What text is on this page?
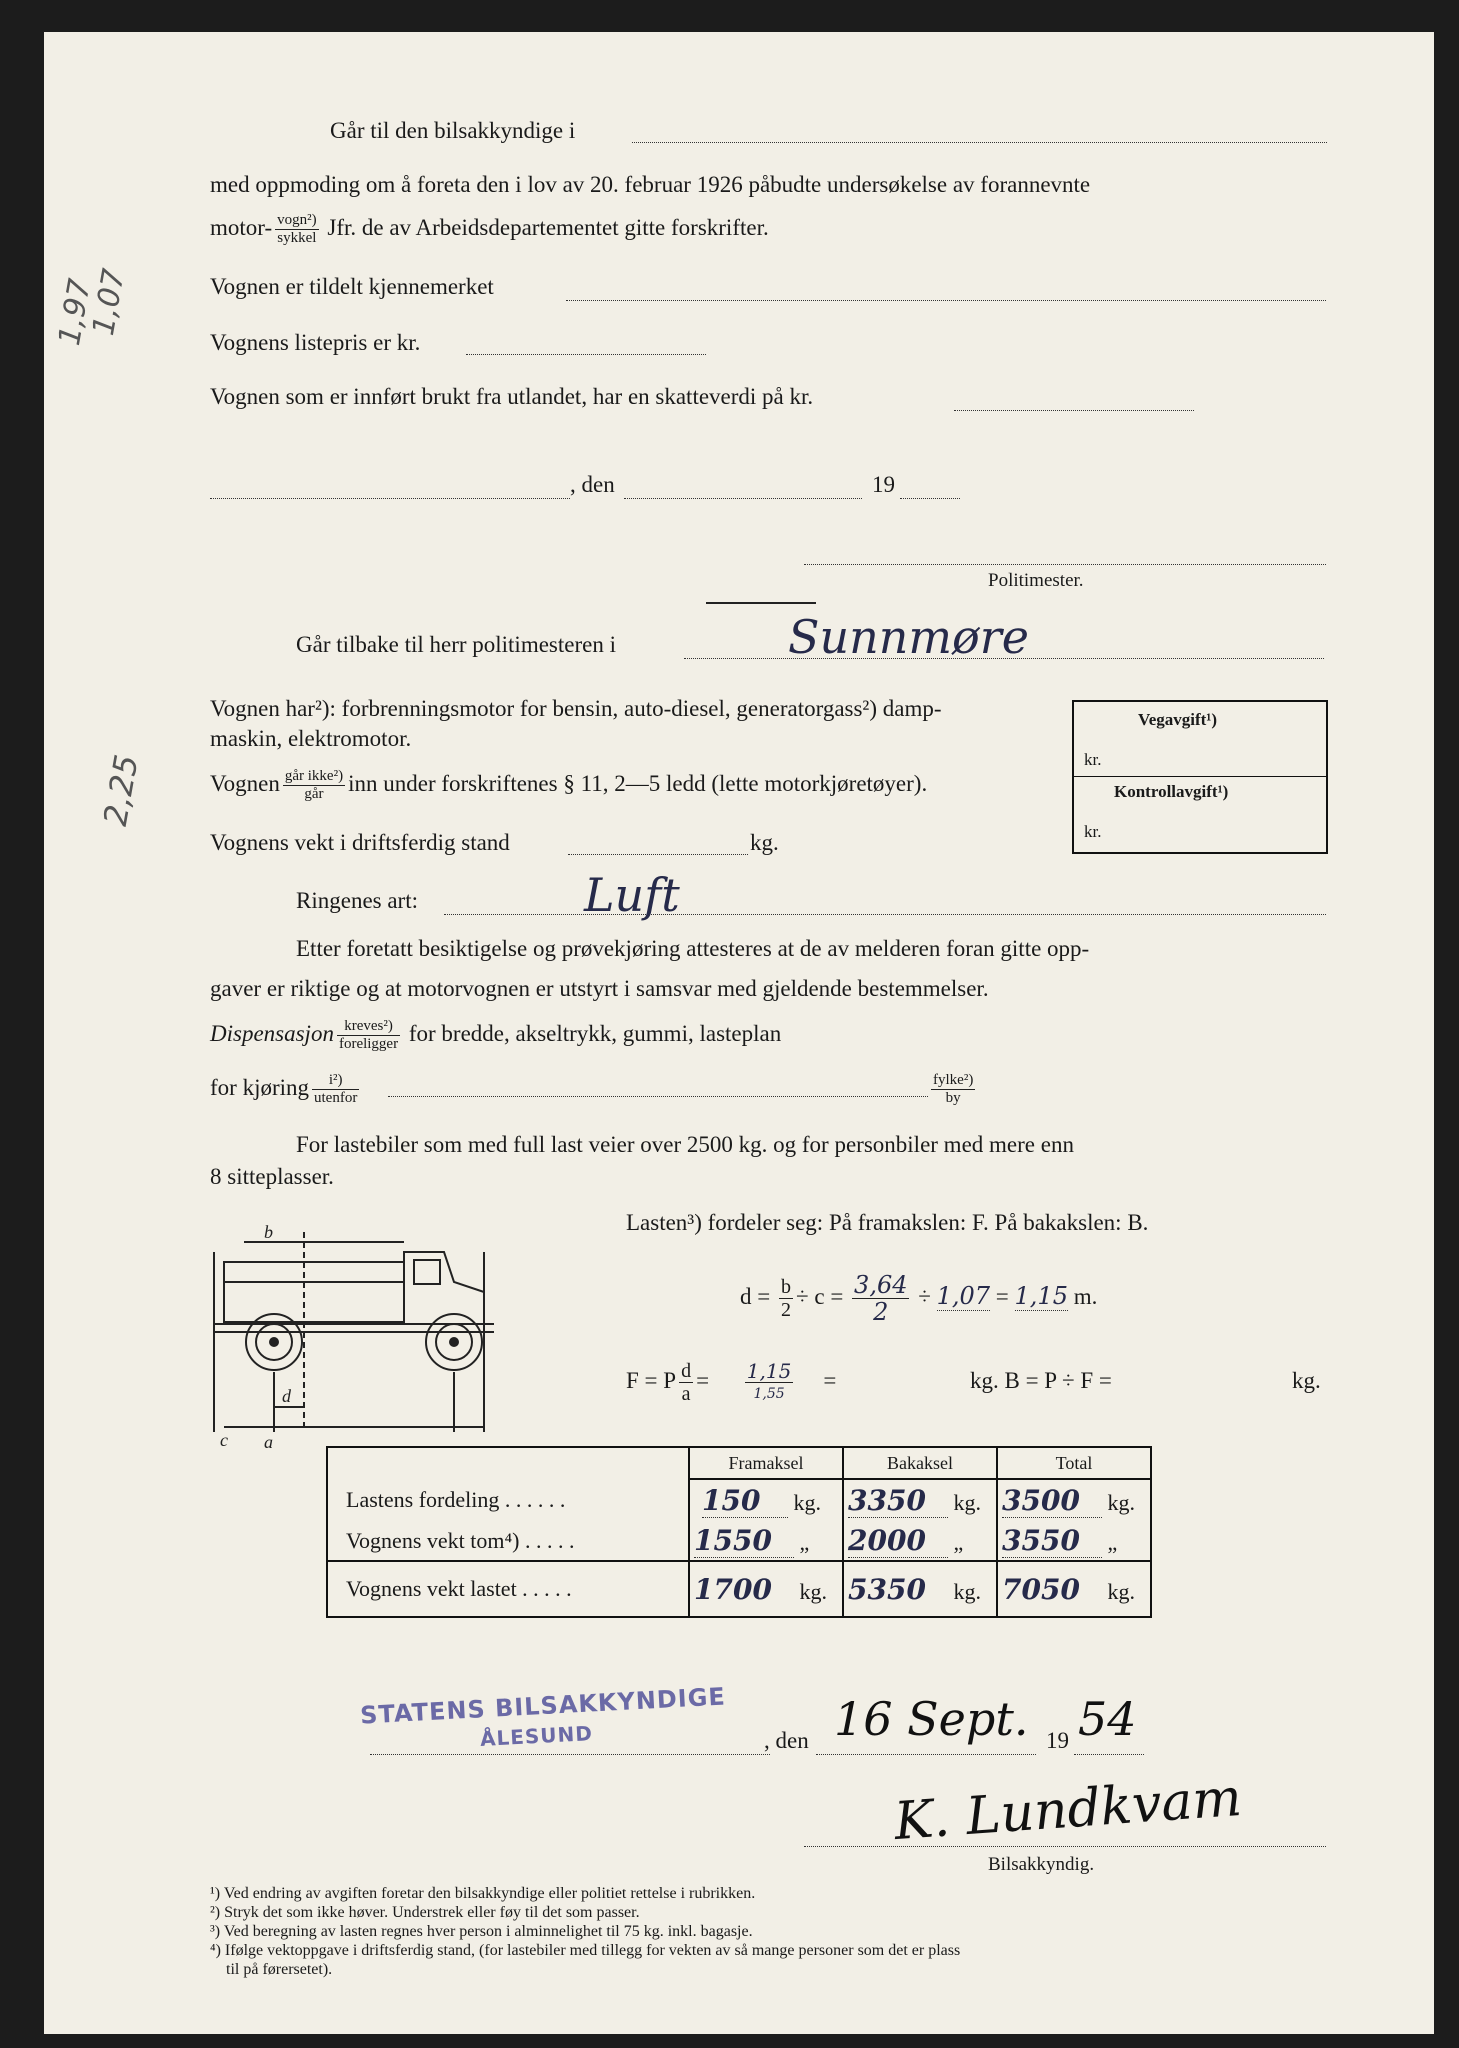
1,97
1,07
2,25
Går til den bilsakkyndige i
med oppmoding om å foreta den i lov av 20. februar 1926 påbudte undersøkelse av forannevnte
motor- $\frac{\text{vogn²)}}{\text{sykkel}}$ Jfr. de av Arbeidsdepartementet gitte forskrifter.
Vognen er tildelt kjennemerket
Vognens listepris er kr.
Vognen som er innført brukt fra utlandet, har en skatteverdi på kr.
, den	19
Politimester.
Går tilbake til herr politimesteren i	Sunnmøre
Vognen har²): forbrenningsmotor for bensin, auto-diesel, generatorgass²) damp-
maskin, elektromotor.
Vognen $\frac{\text{går ikke²)}}{\text{går}}$ inn under forskriftenes § 11, 2—5 ledd (lette motorkjøretøyer).
Vognens vekt i driftsferdig stand	kg.
Vegavgift¹)
kr.
Kontrollavgift¹)
kr.
Ringenes art:	Luft
Etter foretatt besiktigelse og prøvekjøring attesteres at de av melderen foran gitte opp-
gaver er riktige og at motorvognen er utstyrt i samsvar med gjeldende bestemmelser.
Dispensasjon $\frac{\text{kreves²)}}{\text{foreligger}}$ for bredde, akseltrykk, gummi, lasteplan
for kjøring $\frac{\text{i²)}}{\text{utenfor}}$	$\frac{\text{fylke²)}}{by}$
For lastebiler som med full last veier over 2500 kg. og for personbiler med mere enn
8 sitteplasser.
d
a
b
c
Lasten³) fordeler seg: På framakslen: F. På bakakslen: B.
$d = \frac{b}{2} \div c = \frac{3,64}{2} \div 1,07 = 1,15$ m.
F = P $\frac{d}{a} = \frac{1,15}{1,55}$ =	kg. B = P ÷ F =	kg.
	Framaksel	Bakaksel	Total
Lastens fordeling . . . . . .	150 kg.	3350 kg.	3500 kg.
Vognens vekt tom⁴) . . . . .	1550 „	2000 „	3550 „
Vognens vekt lastet . . . . .	1700 kg.	5350 kg.	7050 kg.
STATENS BILSAKKYNDIGE
ÅLESUND	, den 16 Sept. 19 54
K. Lundkvam
Bilsakkyndig.
¹) Ved endring av avgiften foretar den bilsakkyndige eller politiet rettelse i rubrikken.
²) Stryk det som ikke høver. Understrek eller føy til det som passer.
³) Ved beregning av lasten regnes hver person i alminnelighet til 75 kg. inkl. bagasje.
⁴) Ifølge vektoppgave i driftsferdig stand, (for lastebiler med tillegg for vekten av så mange personer som det er plass
til på førersetet).
